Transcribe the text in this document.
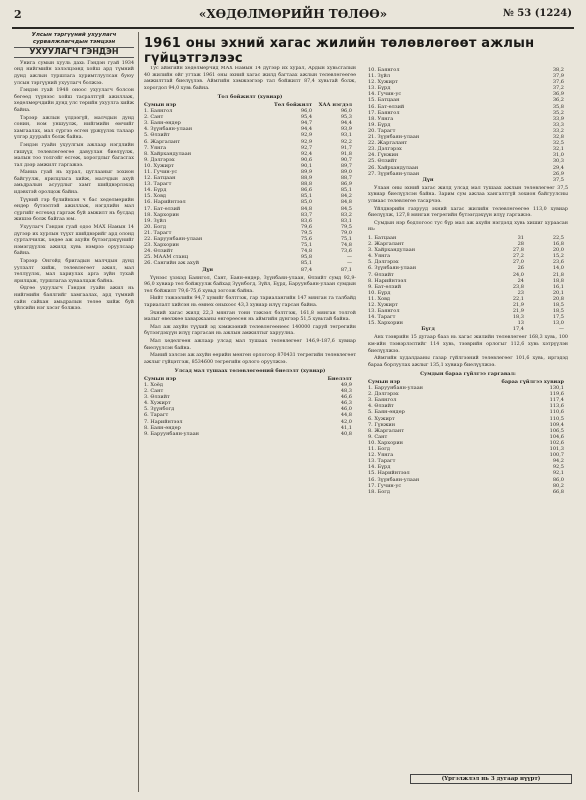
2	«ХӨДӨЛМӨРИЙН ТӨЛӨӨ»	№ 53 (1224)
Улсын тэргүүний ухуулагч сурвалжлагчдын тэмцээн
УХУУЛАГЧ ГЭНДЭН

Унига сумын хууль дахь Гэндэн гуай 1934 онд нийгмийн хэлэлцээнд хойш ард түмний дунд ажлын туршлага хуримтлуулсан буюу улсын тэргүүний ухуулагч болжээ.

Гэндэн гуай 1948 оноос ухуулагч болсон бөгөөд түүнээс хойш тасралтгүй ажиллаж, хөдөлмөрчдийн дунд улс төрийн ухуулга хийж байна.

Тэрээр ажлын үлдээгүй, малчдын дунд сонин, ном уншуулж, нийгмийн өмчийг хамгаалах, мал сүргээ өсгөн үржүүлэх талаар үлгэр дуурайл болж байна.

Гэндэн гуайн ухуулгын ажлаар нэгдлийн гишүүд төлөвлөгөөгөө давуулан биелүүлж, малын тоо толгойг өсгөж, хорогдлыг багасгах тал дээр амжилт гаргажээ.

Маниа гуай нь хурал, цуглааныг зохион байгуулж, ярилцлага хийж, малчдын ахуй амьдралын асуудлыг хамт шийдвэрлэхэд идэвхтэй оролцож байна.

Түүний гэр бүлийнхэн ч бас хөдөлмөрийн өндөр бүтээлтэй ажиллаж, нэгдлийн мал сүргийг өсгөхөд гаргаж буй амжилт нь бусдад жишээ болж байгаа юм.

Ухуулагч Гэндэн гуай одоо МАХ Намын 14 дүгээр их хурлын түүхт шийдвэрийг ард олонд сурталчилж, хөдөө аж ахуйн бүтээгдэхүүнийг нэмэгдүүлэх ажилд хувь нэмрээ оруулсаар байна.

Тэрээр Онгойд бригадын малчдын дунд уулзалт хийж, төлөвлөгөөт ажил, мал төллүүлэх, мал хариулах арга зүйн тухай ярилцаж, туршлагаа хуваалцаж байна.

Өдгөө ухуулагч Гэндэн гуайн ажил нь нийгмийн баялгийг хамгаалах, ард түмний сайн сайхан амьдралын төлөө хийж буй үйлсийн нэг хэсэг болжээ.

1961 оны эхний хагас жилийн төлөвлөгөөт ажлын гүйцэтгэлээс

Тус аймгийн хөдөлмөрчид МАХ Намын 14 дүгээр их хурал, Ардын хувьсгалын 40 жилийн ойг угтаж 1961 оны эхний хагас жилд багтаах ажлын төлөвлөгөөгөө амжилттай биелүүлэв. Аймгийн хэмжээгээр тал бойжилт 87,4 хувьтай болж, хорогдол 94,0 хувь байна.

Тол бойжилт (хувиар)
Сумын нэр	Төл бойжилт	ХАА нэгдэл
1. Баянгол	96,0	96,0
2. Сант	95,4	95,3
3. Баян-өндөр	94,7	94,4
4. Зүүнбаян-улаан	94,4	93,9
5. Өлзийт	92,9	93,1
6. Жаргалант	92,9	92,2
7. Уянга	92,7	91,7
8. Хайрхандулаан	92,4	91,8
9. Дэлгэрэх	90,6	90,7
10. Хужирт	90,1	89,7
11. Гучин-ус	89,9	89,0
12. Батцаан	88,9	88,7
13. Тарагт	88,8	86,9
14. Бүрд	86,6	85,1
15. Ховд	85,1	84,2
16. Нарийнтээл	85,0	84,8
17. Бат-өлзий	84,8	84,5
18. Хархорин	83,7	83,2
19. Зүйл	83,6	83,1
20. Богд	79,6	79,5
21. Тарагт	79,5	79,0
22. Баруунбаян-улаан	75,6	75,1
23. Хархорин	75,1	74,8
24. Өлзийт	74,8	73,6
25. МААМ станц	95,8	—
26. Сангийн аж ахуй	85,1	—
Дүн	87,4	87,1

Үүнээс үзэхэд Баянгол, Сант, Баян-өндөр, Зүүнбаян-улаан, Өлзийт сумд 92,9-96,0 хувиар төл бойжуулж байхад Зүүнбогд, Зүйл, Бүрд, Баруунбаян-улаан сумдын төл бойжилт 79,6-75,6 хувьд зогсож байна.

Нийт тэжээлийн 94,7 хувийг бэлтгэж, гар тариалангийн 147 мянган га талбайд тариалалт хийсэн нь өмнөх оныхоос 43,3 хувиар илүү гарсан байна.

Эхний хагас жилд 22,3 мянган тонн тэжээл бэлтгэж, 161,8 мянган толгой малыг өвөлжөө хаваржааны өнгөрөөсөн нь аймгийн дүнгээр 51,5 хувьтай байна.

Мал аж ахуйн түүхий эд хэмжээний төлөвлөгөөнөөс 140000 гаруй төгрөгийн бүтээгдэхүүн илүү гаргасан нь ажлын амжилтыг харуулна.

Мал хөдөлгөөн ажлаар улсад мал тушаах төлөвлөгөөг 146,9-187,6 хувиар биелүүлсэн байна.

Маний хэлсэн аж ахуйн өөрийн мөнгөн орлогоор 870431 төгрөгийн төлөвлөгөөт ажлыг гүйцэтгэж, 8534600 төгрөгийн орлого оруулжээ.

Улсад мал тушаах төлөвлөгөөний биелэлт (хувиар)
Сумын нэр	Биелэлт
1. Хоёд	49,9
2. Сант	48,3
3. Өлзийт	46,6
4. Хужирт	46,3
5. Зүүнбогд	46,0
6. Тарагт	44,8
7. Нарийнтээл	42,0
8. Баян-өндөр	41,1
9. Баруунбаян-улаан	40,8
10. Баянгол	38,2
11. Зүйл	37,9
12. Хужирт	37,6
13. Бүрд	37,2
14. Гучин-ус	36,9
15. Батцаан	36,2
16. Бат-өлзий	35,8
17. Баянгол	35,2
18. Уянга	33,9
19. Бүрд	33,3
20. Тарагт	33,2
21. Зүүнбаян-улаан	32,8
22. Жаргалант	32,5
23. Дэлгэрэх	32,1
24. Гүнжин	31,0
25. Өлзийт	30,3
26. Хайрхандулаан	29,4
27. Зүүнбаян-улаан	26,9
Дүн	37,5

Улаан оны эхний хагас жилд улсад мал тушаах ажлын төлөвлөгөөг 37,5 хувиар биелүүлсэн байна. Зарим сум ажлаа хангалтгүй зохион байгуулсны улмаас төлөвлөгөө тасарчээ.

Үйлдвэрийн газрууд эхний хагас жилийн төлөвлөгөөгөө 113,0 хувиар биелүүлж, 127,8 мянган төгрөгийн бүтээгдэхүүн илүү гаргажээ.

Сумдын нэр бодлогоос тус бүр мал аж ахуйн нэгдэлд хувь хишиг хураасан нь:

1. Батцаан	31	22,5
2. Жаргалант	28	16,8
3. Хайрхандулаан	27,8	20,0
4. Уянга	27,2	15,2
5. Дэлгэрэх	27,0	23,6
6. Зүүнбаян-улаан	26	14,0
7. Өлзийт	24,0	21,8
8. Нарийнтээл	24	18,8
9. Бат-өлзий	23,8	16,1
10. Бүрд	23	20,1
11. Ховд	22,1	20,8
12. Хужирт	21,9	18,5
13. Баянгол	21,9	18,5
14. Тарагт	18,3	17,5
15. Хархорин	13	13,0
Бүгд	17,4	—

Анх тээврийн 15 дугаар бааз нь хагас жилийн төлөвлөгөөг 168,3 хувь, 100 км-ийн тээвэрлэлтийг 114 хувь, тээврийн орлогыг 112,6 хувь хэтрүүлэн биелүүлжээ.

Аймгийн худалдааны газар гүйлгээний төлөвлөгөөг 101,6 хувь, иргэдэд бараа борлуулах ажлыг 135,1 хувиар биелүүлжээ.

Сумдын бараа гүйлгээ гаргавал:
Сумын нэр	бараа гүйлгээ хувиар
1. Баруунбаян-улаан	130,1
2. Дэлгэрэх	119,6
3. Баянгол	117,4
4. Өлзийт	113,6
5. Баян-өндөр	110,6
6. Хужирт	110,5
7. Гүнжин	109,4
8. Жаргалант	106,5
9. Сант	104,6
10. Хархорин	102,6
11. Богд	101,3
12. Уянга	100,7
13. Тарагт	94,2
14. Бүрд	92,5
15. Нарийнтээл	92,1
16. Зүүнбаян-улаан	86,0
17. Гучин-ус	80,2
18. Богд	66,8
(Үргэлжлэл нь 3 дугаар нүүрт)
